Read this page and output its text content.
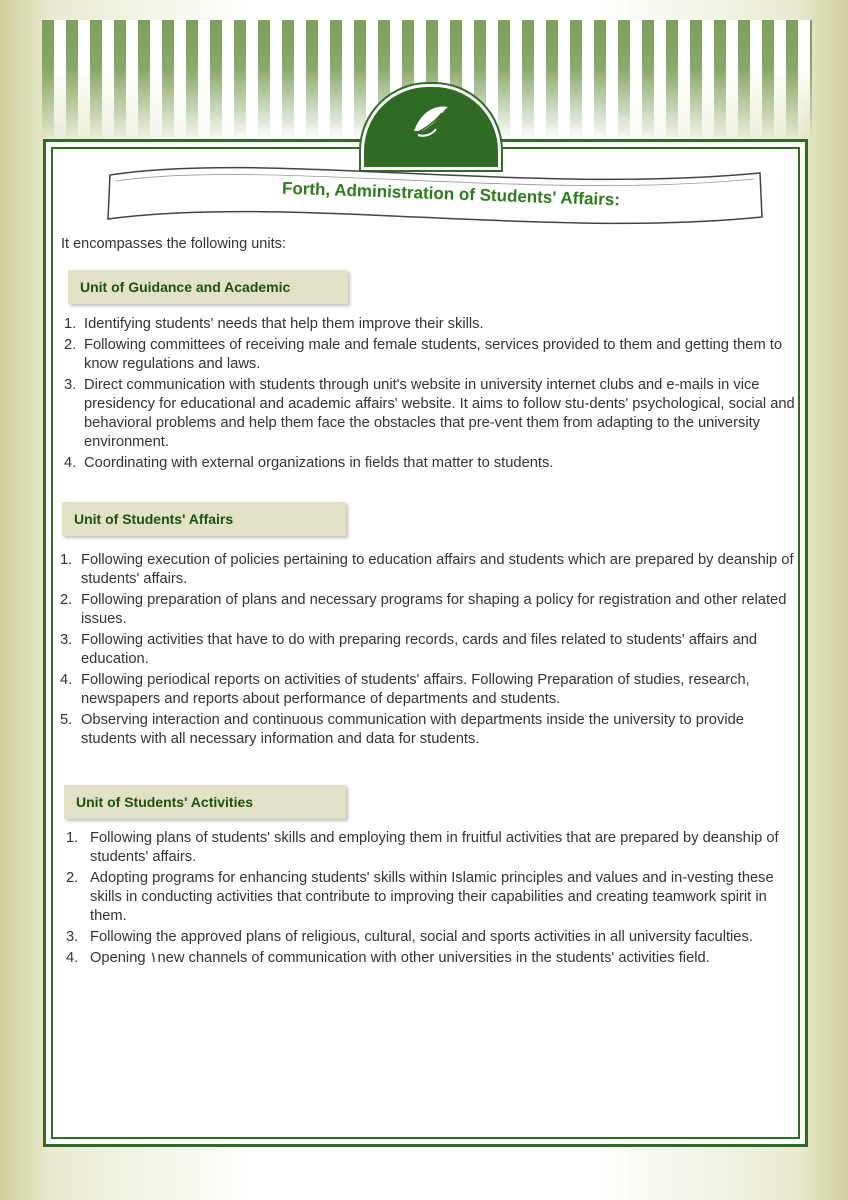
Forth, Administration of Students' Affairs:
It encompasses the following units:
Unit of Guidance and Academic
1. Identifying students' needs that help them improve their skills.
2. Following committees of receiving male and female students, services provided to them and getting them to know regulations and laws.
3. Direct communication with students through unit's website in university internet clubs and e-mails in vice presidency for educational and academic affairs' website. It aims to follow stu-dents' psychological, social and behavioral problems and help them face the obstacles that pre-vent them from adapting to the university environment.
4. Coordinating with external organizations in fields that matter to students.
Unit of Students' Affairs
1. Following execution of policies pertaining to education affairs and students which are prepared by deanship of students' affairs.
2. Following preparation of plans and necessary programs for shaping a policy for registration and other related issues.
3. Following activities that have to do with preparing records, cards and files related to students' affairs and education.
4. Following periodical reports on activities of students' affairs. Following Preparation of studies, research, newspapers and reports about performance of departments and students.
5. Observing interaction and continuous communication with departments inside the university to provide students with all necessary information and data for students.
Unit of Students' Activities
1. Following plans of students' skills and employing them in fruitful activities that are prepared by deanship of students' affairs.
2. Adopting programs for enhancing students' skills within Islamic principles and values and in-vesting these skills in conducting activities that contribute to improving their capabilities and creating teamwork spirit in them.
3. Following the approved plans of religious, cultural, social and sports activities in all university faculties.
4. Opening ١new channels of communication with other universities in the students' activities field.
